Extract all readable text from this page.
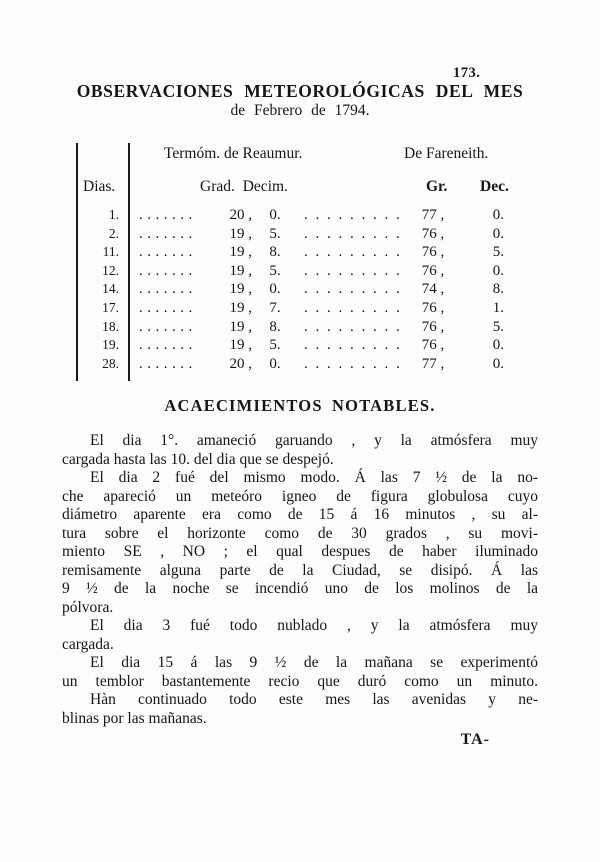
173.
OBSERVACIONES METEOROLÓGICAS DEL MES
de Febrero de 1794.
Termóm. de Reaumur.	De Fareneith.
Dias.	Grad. Decim.	Gr. Dec.
1.	.......	20 ,	0.	. . . . . . . . .	77 ,	0.
2.	.......	19 ,	5.	. . . . . . . . .	76 ,	0.
11.	.......	19 ,	8.	. . . . . . . . .	76 ,	5.
12.	.......	19 ,	5.	. . . . . . . . .	76 ,	0.
14.	.......	19 ,	0.	. . . . . . . . .	74 ,	8.
17.	.......	19 ,	7.	. . . . . . . . .	76 ,	1.
18.	.......	19 ,	8.	. . . . . . . . .	76 ,	5.
19.	.......	19 ,	5.	. . . . . . . . .	76 ,	0.
28.	.......	20 ,	0.	. . . . . . . . .	77 ,	0.
ACAECIMIENTOS NOTABLES.
El dia 1°. amaneció garuando , y la atmósfera muy
cargada hasta las 10. del dia que se despejó.
El dia 2 fué del mismo modo. Á las 7 ½ de la no-
che apareció un meteóro igneo de figura globulosa cuyo
diámetro aparente era como de 15 á 16 minutos , su al-
tura sobre el horizonte como de 30 grados , su movi-
miento SE , NO ; el qual despues de haber iluminado
remisamente alguna parte de la Ciudad, se disipó. Á las
9 ½ de la noche se incendió uno de los molinos de la
pólvora.
El dia 3 fué todo nublado , y la atmósfera muy
cargada.
El dia 15 á las 9 ½ de la mañana se experimentó
un temblor bastantemente recio que duró como un minuto.
Hàn continuado todo este mes las avenidas y ne-
blinas por las mañanas.
TA-
